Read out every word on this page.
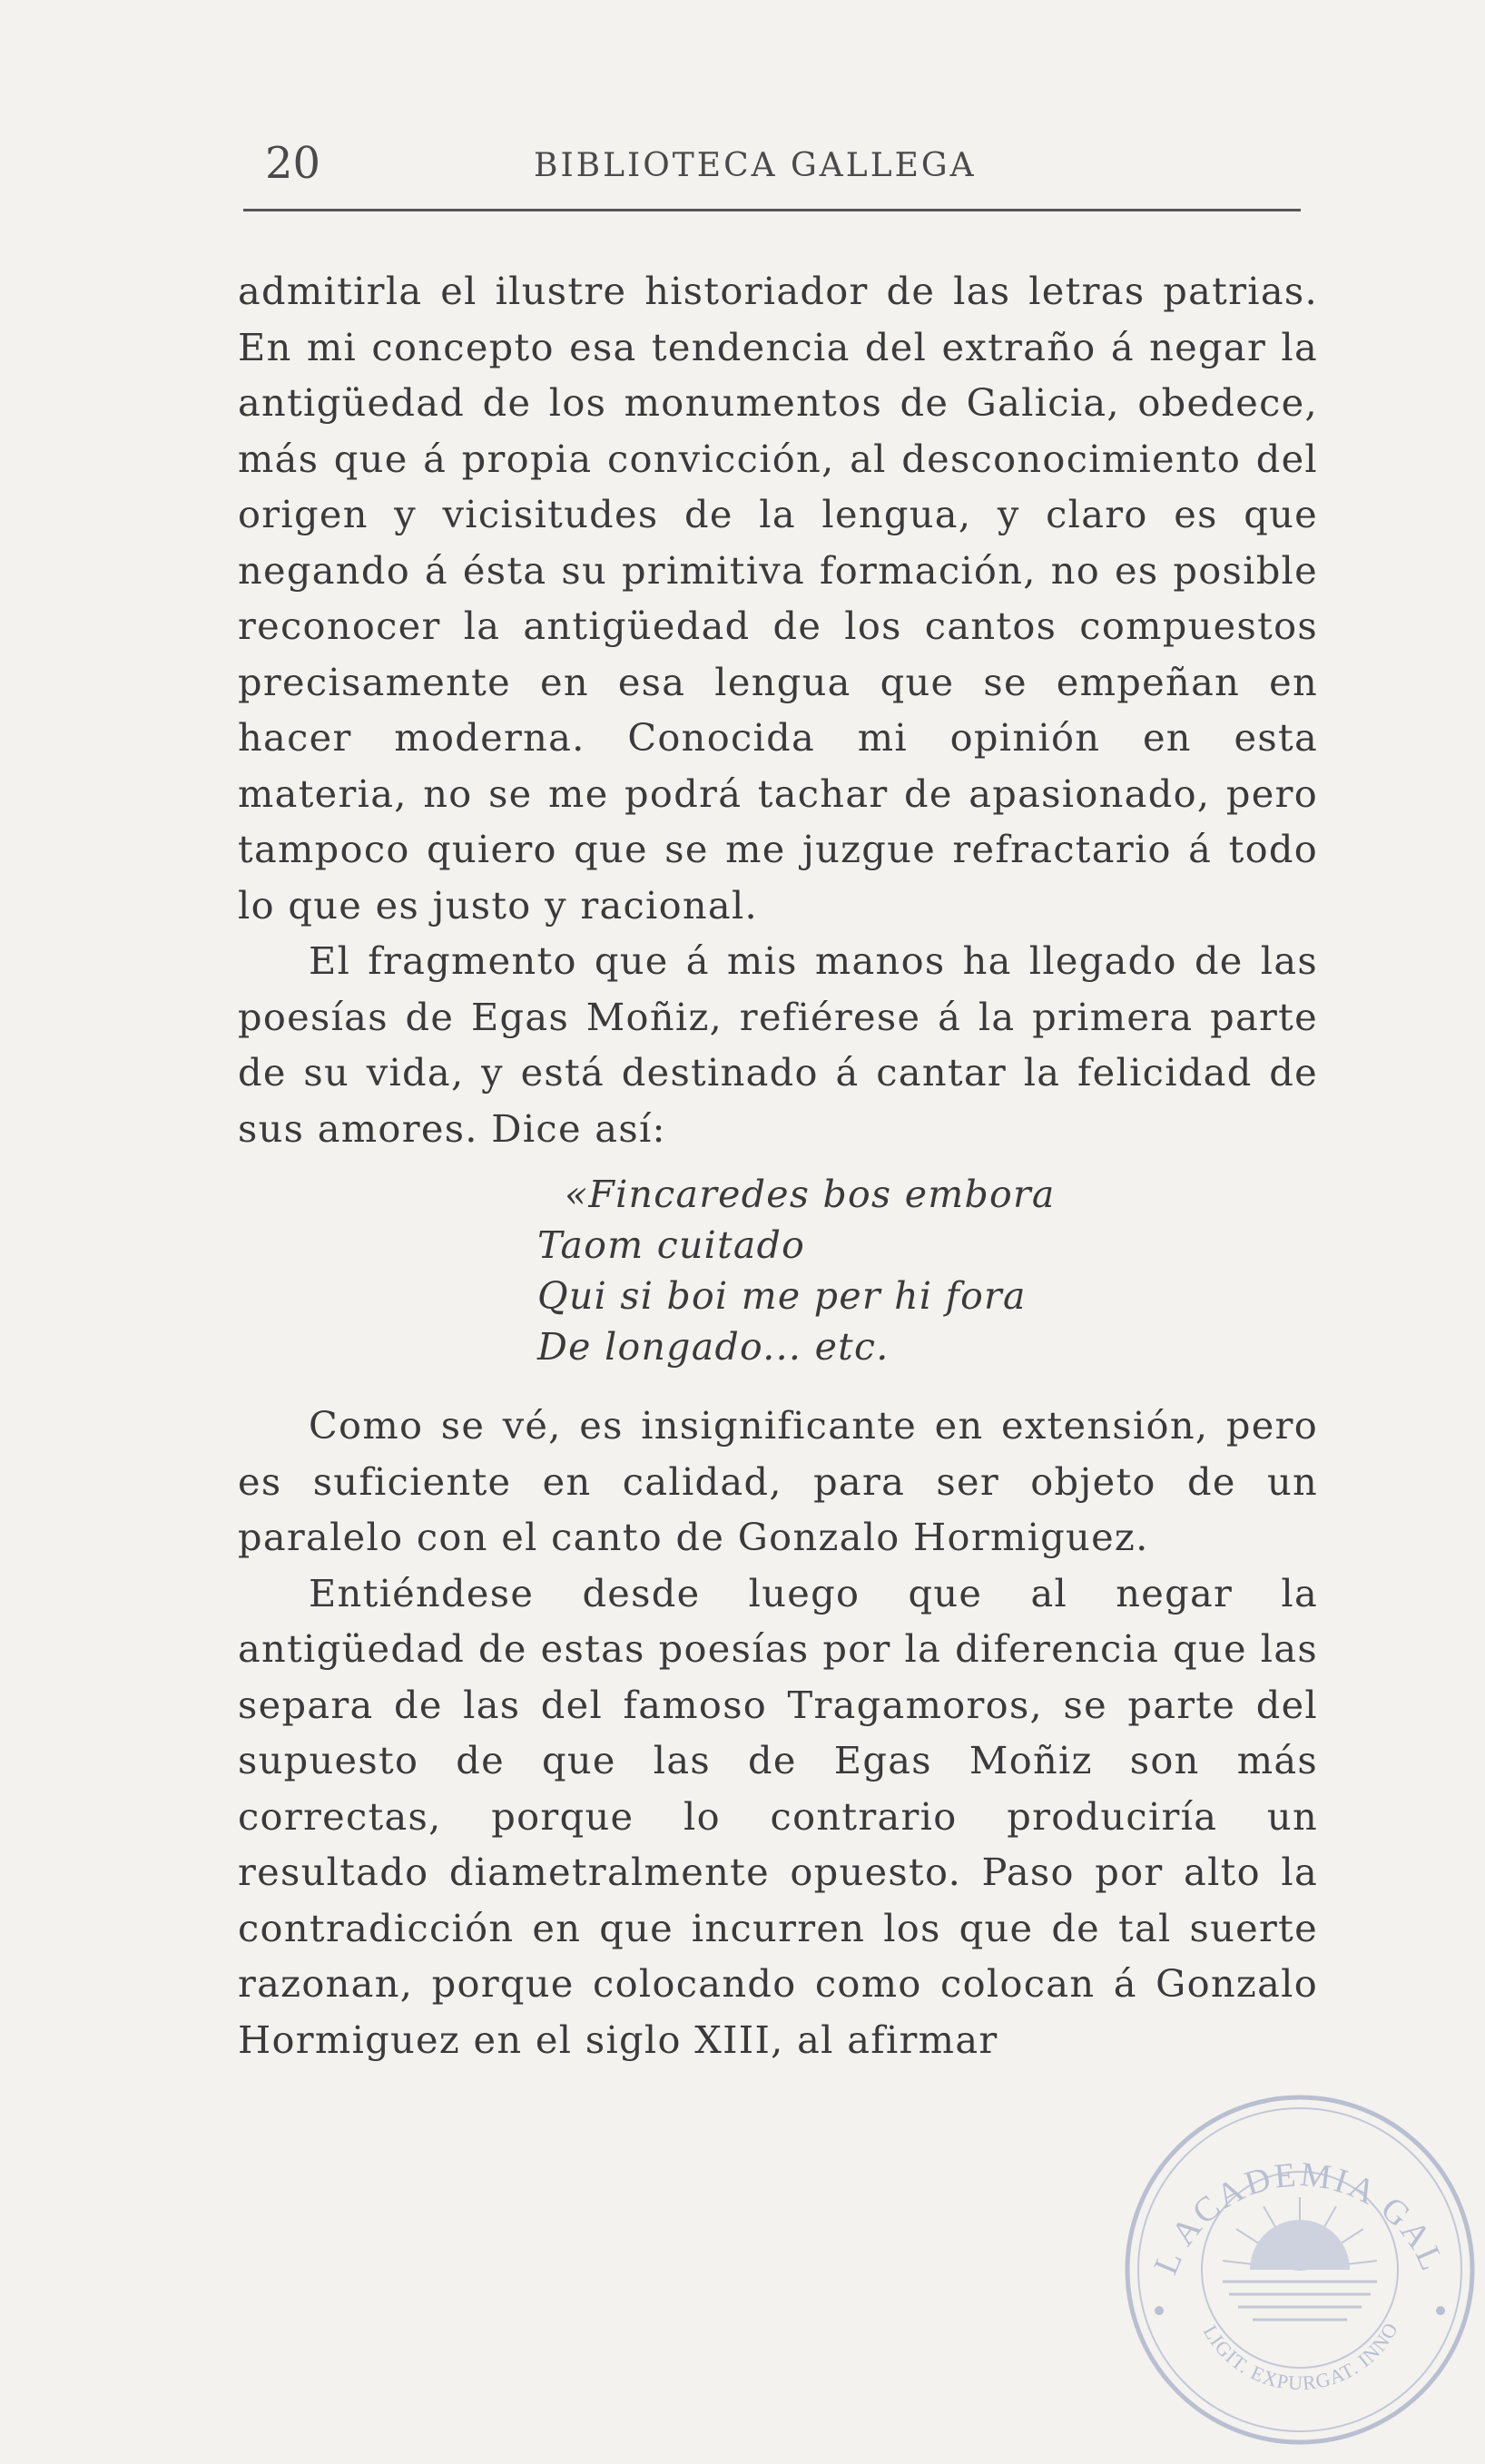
20	BIBLIOTECA GALLEGA

admitirla el ilustre historiador de las letras patrias. En mi concepto esa tendencia del extraño á negar la antigüedad de los monumentos de Galicia, obedece, más que á propia convicción, al desconocimiento del origen y vicisitudes de la lengua, y claro es que negando á ésta su primitiva formación, no es posible reconocer la antigüedad de los cantos compuestos precisamente en esa lengua que se empeñan en hacer moderna. Conocida mi opinión en esta materia, no se me podrá tachar de apasionado, pero tampoco quiero que se me juzgue refractario á todo lo que es justo y racional.

El fragmento que á mis manos ha llegado de las poesías de Egas Moñiz, refiérese á la primera parte de su vida, y está destinado á cantar la felicidad de sus amores. Dice así:

«Fincaredes bos embora
Taom cuitado
Qui si boi me per hi fora
De longado... etc.

Como se vé, es insignificante en extensión, pero es suficiente en calidad, para ser objeto de un paralelo con el canto de Gonzalo Hormiguez.

Entiéndese desde luego que al negar la antigüedad de estas poesías por la diferencia que las separa de las del famoso Tragamoros, se parte del supuesto de que las de Egas Moñiz son más correctas, porque lo contrario produciría un resultado diametralmente opuesto. Paso por alto la contradicción en que incurren los que de tal suerte razonan, porque colocando como colocan á Gonzalo Hormiguez en el siglo XIII, al afirmar

L ACADEMIA GAL
LIGIT. EXPURGAT. INNO
